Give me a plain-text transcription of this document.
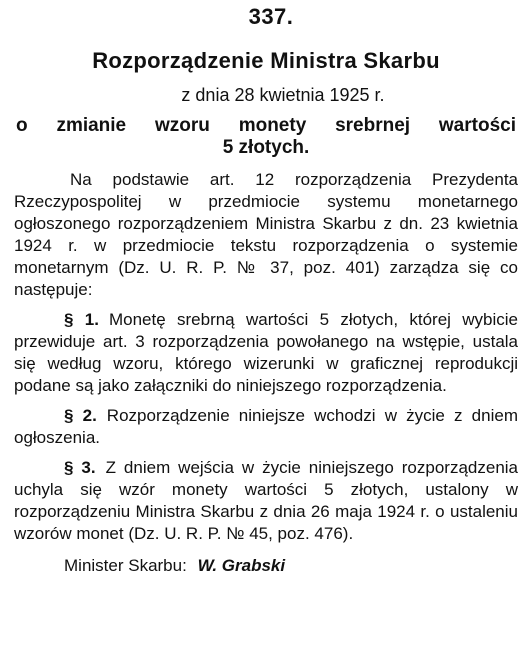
337.
Rozporządzenie Ministra Skarbu
z dnia 28 kwietnia 1925 r.
o zmianie wzoru monety srebrnej wartości
5 złotych.

Na podstawie art. 12 rozporządzenia Prezydenta Rzeczypospolitej w przedmiocie systemu monetarnego ogłoszonego rozporządzeniem Ministra Skarbu z dn. 23 kwietnia 1924 r. w przedmiocie tekstu rozporządzenia o systemie monetarnym (Dz. U. R. P. № 37, poz. 401) zarządza się co następuje:

§ 1. Monetę srebrną wartości 5 złotych, której wybicie przewiduje art. 3 rozporządzenia powołanego na wstępie, ustala się według wzoru, którego wizerunki w graficznej reprodukcji podane są jako załączniki do niniejszego rozporządzenia.

§ 2. Rozporządzenie niniejsze wchodzi w życie z dniem ogłoszenia.

§ 3. Z dniem wejścia w życie niniejszego rozporządzenia uchyla się wzór monety wartości 5 złotych, ustalony w rozporządzeniu Ministra Skarbu z dnia 26 maja 1924 r. o ustaleniu wzorów monet (Dz. U. R. P. № 45, poz. 476).

Minister Skarbu: W. Grabski
